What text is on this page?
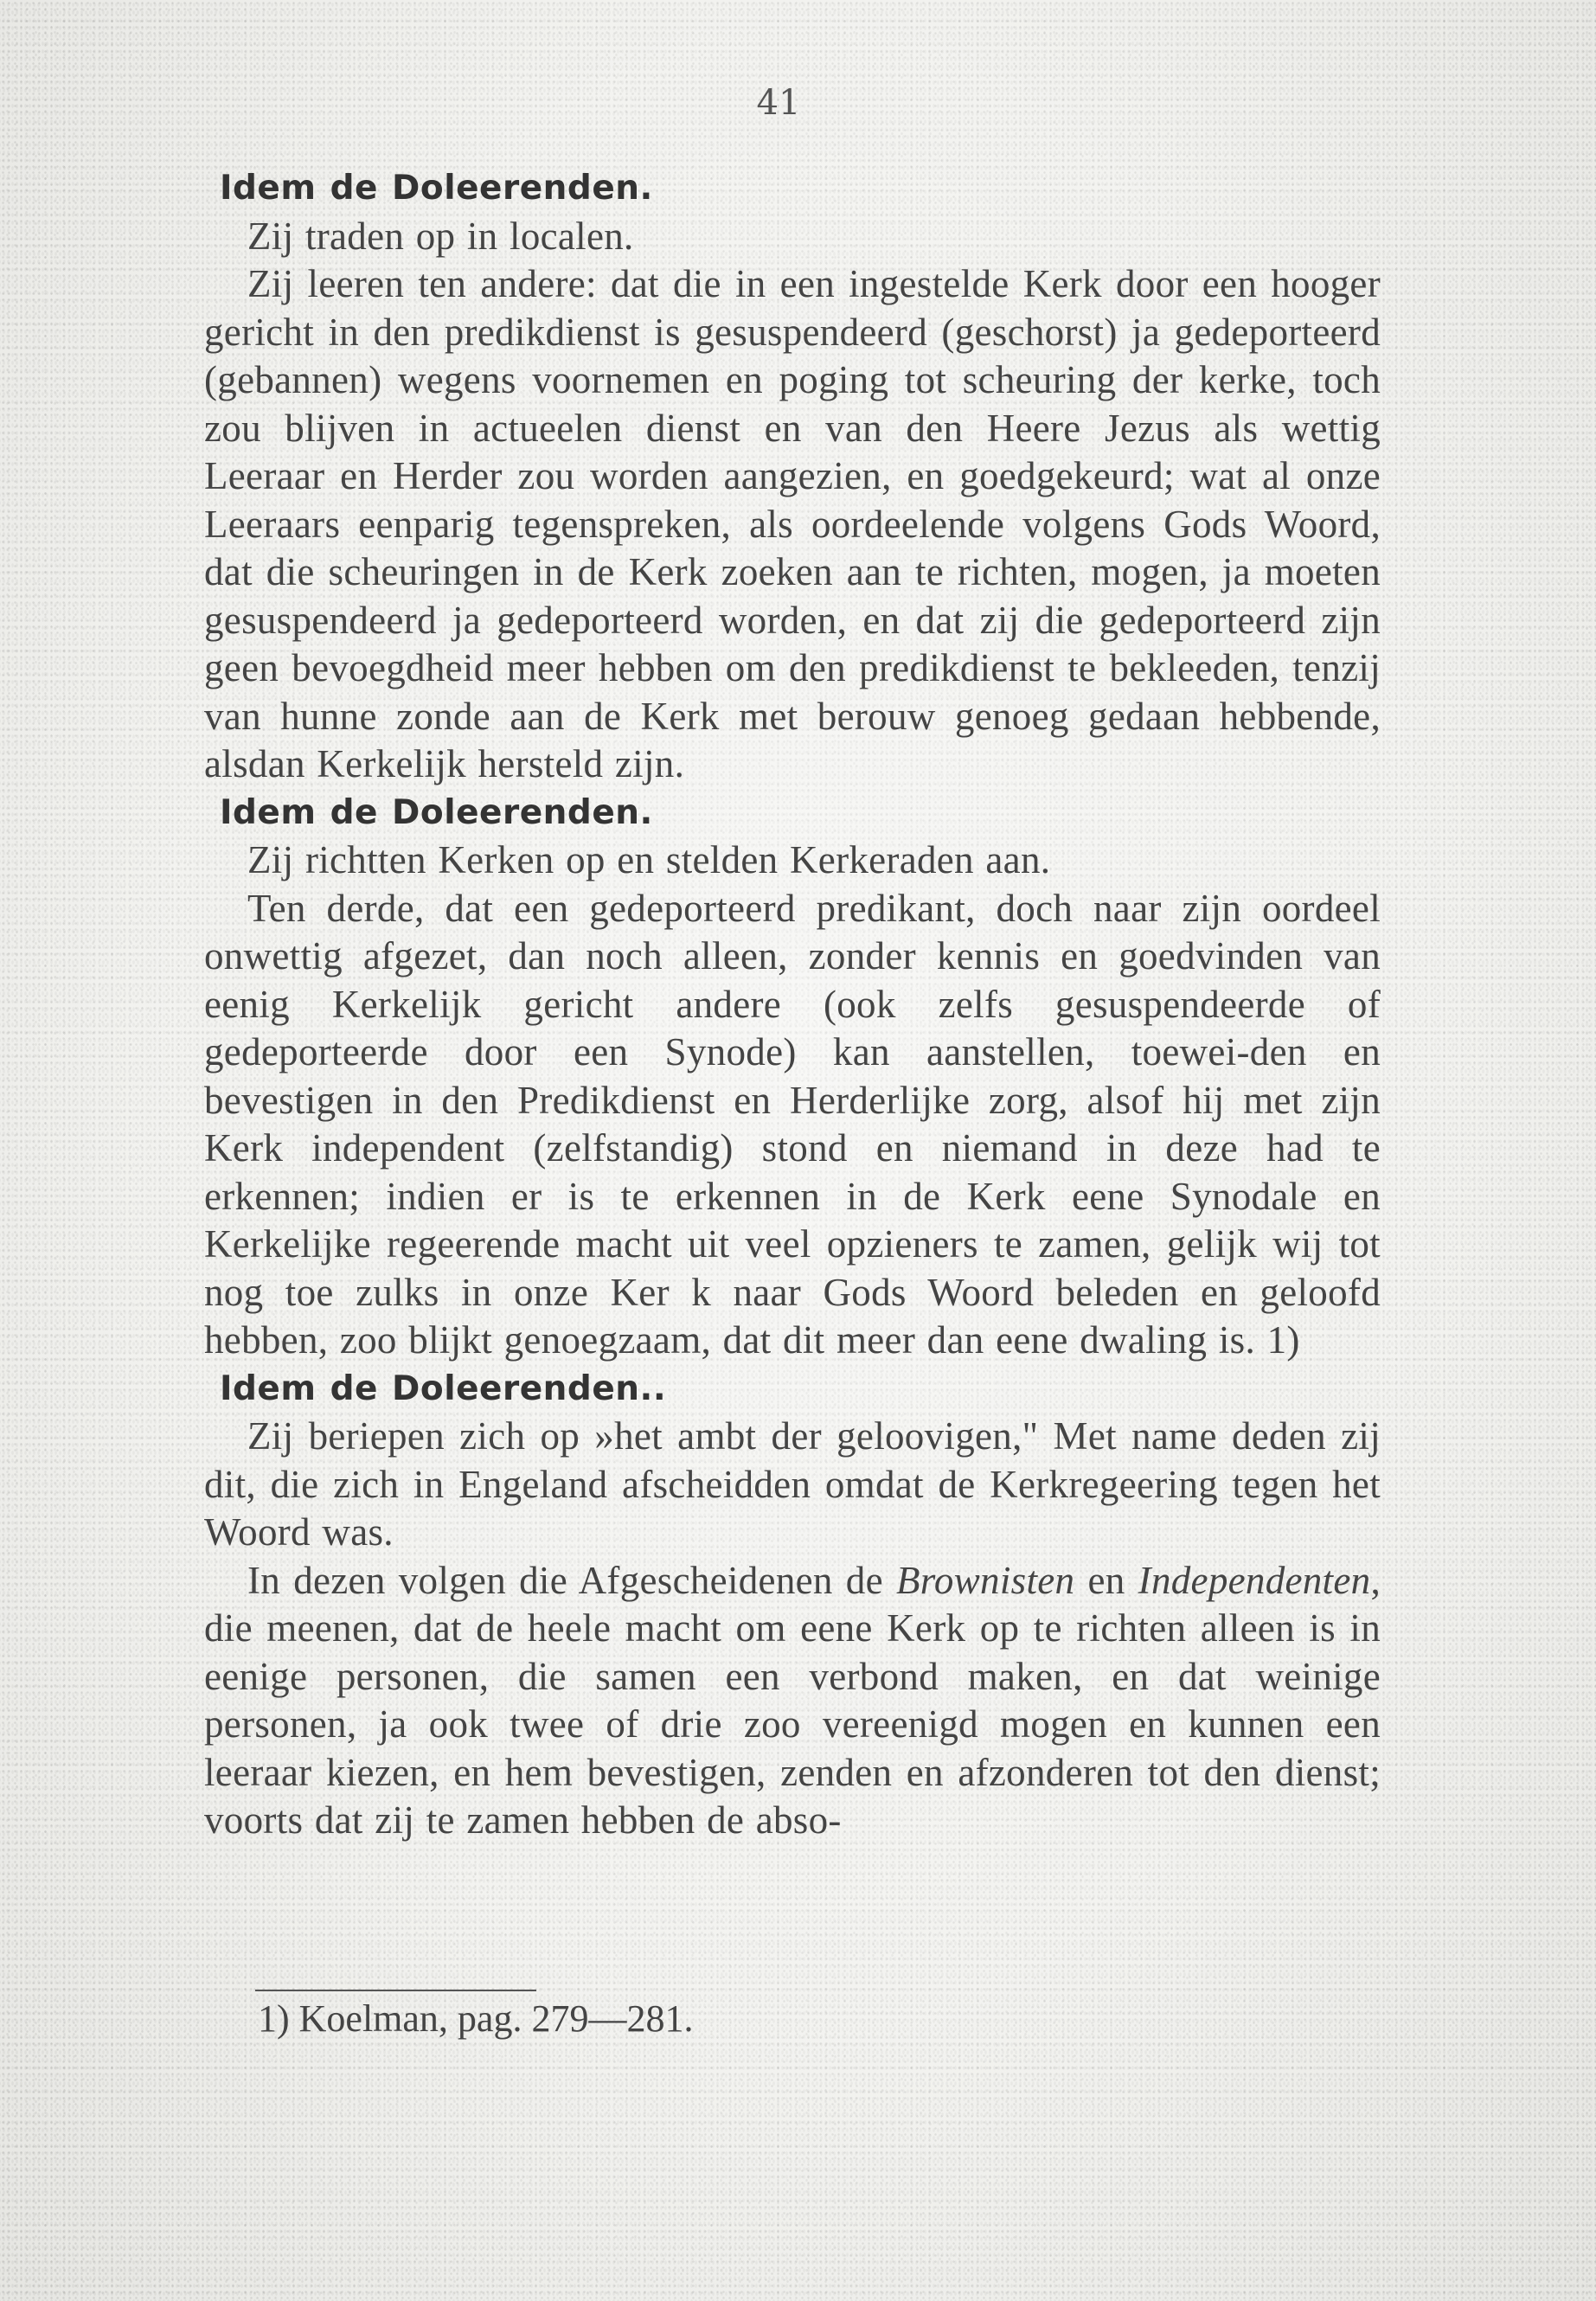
41
Idem de Doleerenden.

Zij traden op in localen.

Zij leeren ten andere: dat die in een ingestelde Kerk door een hooger gericht in den predikdienst is gesuspendeerd (geschorst) ja gedeporteerd (gebannen) wegens voornemen en poging tot scheuring der kerke, toch zou blijven in actueelen dienst en van den Heere Jezus als wettig Leeraar en Herder zou worden aangezien, en goedgekeurd; wat al onze Leeraars eenparig tegenspreken, als oordeelende volgens Gods Woord, dat die scheuringen in de Kerk zoeken aan te richten, mogen, ja moeten gesuspendeerd ja gedeporteerd worden, en dat zij die gedeporteerd zijn geen bevoegdheid meer hebben om den predikdienst te bekleeden, tenzij van hunne zonde aan de Kerk met berouw genoeg gedaan hebbende, alsdan Kerkelijk hersteld zijn.

Idem de Doleerenden.

Zij richtten Kerken op en stelden Kerkeraden aan.

Ten derde, dat een gedeporteerd predikant, doch naar zijn oordeel onwettig afgezet, dan noch alleen, zonder kennis en goedvinden van eenig Kerkelijk gericht andere (ook zelfs gesuspendeerde of gedeporteerde door een Synode) kan aanstellen, toewei-den en bevestigen in den Predikdienst en Herderlijke zorg, alsof hij met zijn Kerk independent (zelfstandig) stond en niemand in deze had te erkennen; indien er is te erkennen in de Kerk eene Synodale en Kerkelijke regeerende macht uit veel opzieners te zamen, gelijk wij tot nog toe zulks in onze Ker k naar Gods Woord beleden en geloofd hebben, zoo blijkt genoegzaam, dat dit meer dan eene dwaling is. 1)

Idem de Doleerenden..

Zij beriepen zich op »het ambt der geloovigen," Met name deden zij dit, die zich in Engeland afscheidden omdat de Kerkregeering tegen het Woord was.

In dezen volgen die Afgescheidenen de Brownisten en Independenten, die meenen, dat de heele macht om eene Kerk op te richten alleen is in eenige personen, die samen een verbond maken, en dat weinige personen, ja ook twee of drie zoo vereenigd mogen en kunnen een leeraar kiezen, en hem bevestigen, zenden en afzonderen tot den dienst; voorts dat zij te zamen hebben de abso-

1) Koelman, pag. 279—281.
